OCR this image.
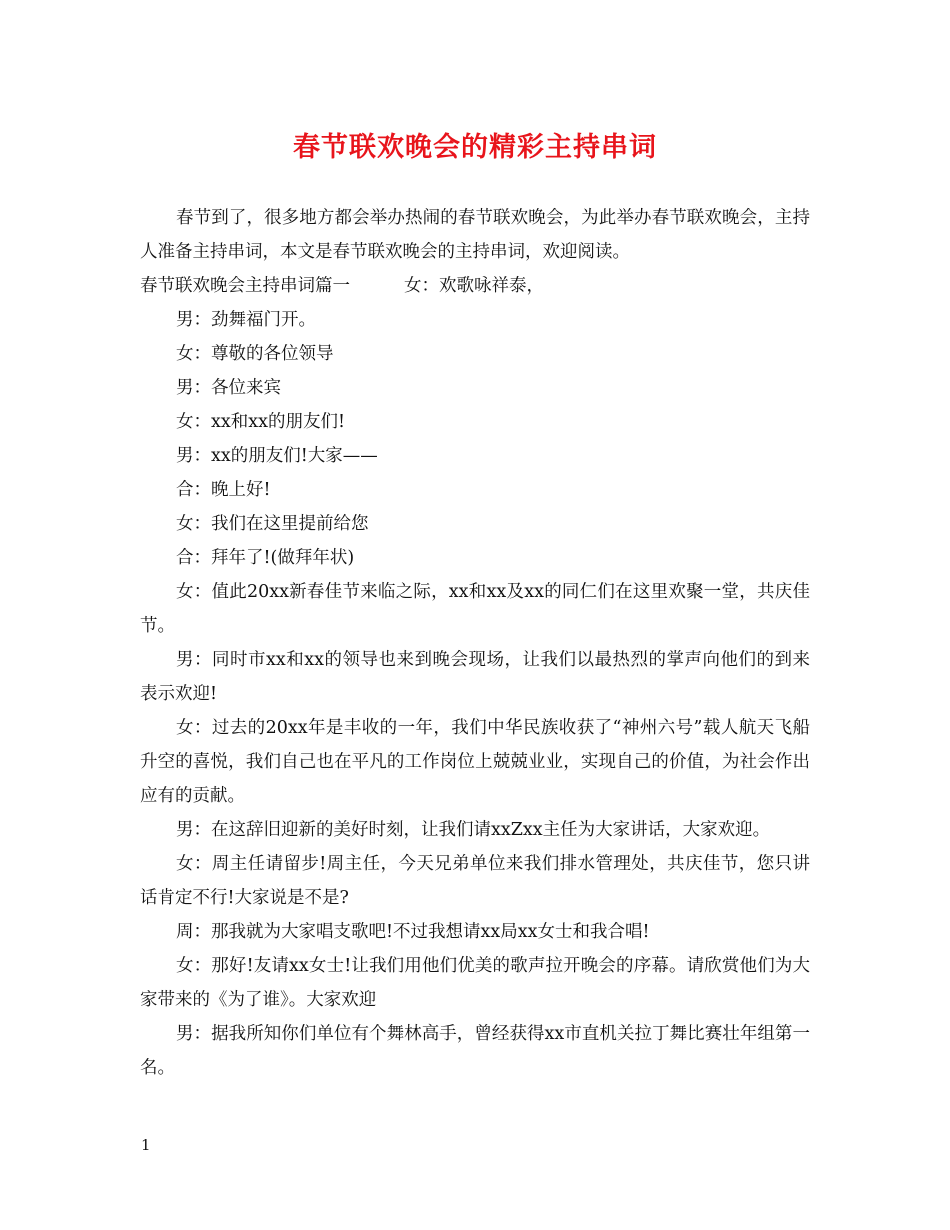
春节联欢晚会的精彩主持串词

春节到了，很多地方都会举办热闹的春节联欢晚会，为此举办春节联欢晚会，主持人准备主持串词，本文是春节联欢晚会的主持串词，欢迎阅读。

春节联欢晚会主持串词篇一	女：欢歌咏祥泰，

男：劲舞福门开。

女：尊敬的各位领导

男：各位来宾

女：xx和xx的朋友们!

男：xx的朋友们!大家——

合：晚上好!

女：我们在这里提前给您

合：拜年了!(做拜年状)

女：值此20xx新春佳节来临之际，xx和xx及xx的同仁们在这里欢聚一堂，共庆佳节。

男：同时市xx和xx的领导也来到晚会现场，让我们以最热烈的掌声向他们的到来表示欢迎!

女：过去的20xx年是丰收的一年，我们中华民族收获了“神州六号”载人航天飞船升空的喜悦，我们自己也在平凡的工作岗位上兢兢业业，实现自己的价值，为社会作出应有的贡献。

男：在这辞旧迎新的美好时刻，让我们请xxZxx主任为大家讲话，大家欢迎。

女：周主任请留步!周主任，今天兄弟单位来我们排水管理处，共庆佳节，您只讲话肯定不行!大家说是不是?

周：那我就为大家唱支歌吧!不过我想请xx局xx女士和我合唱!

女：那好!友请xx女士!让我们用他们优美的歌声拉开晚会的序幕。请欣赏他们为大家带来的《为了谁》。大家欢迎

男：据我所知你们单位有个舞林高手，曾经获得xx市直机关拉丁舞比赛壮年组第一名。

1
